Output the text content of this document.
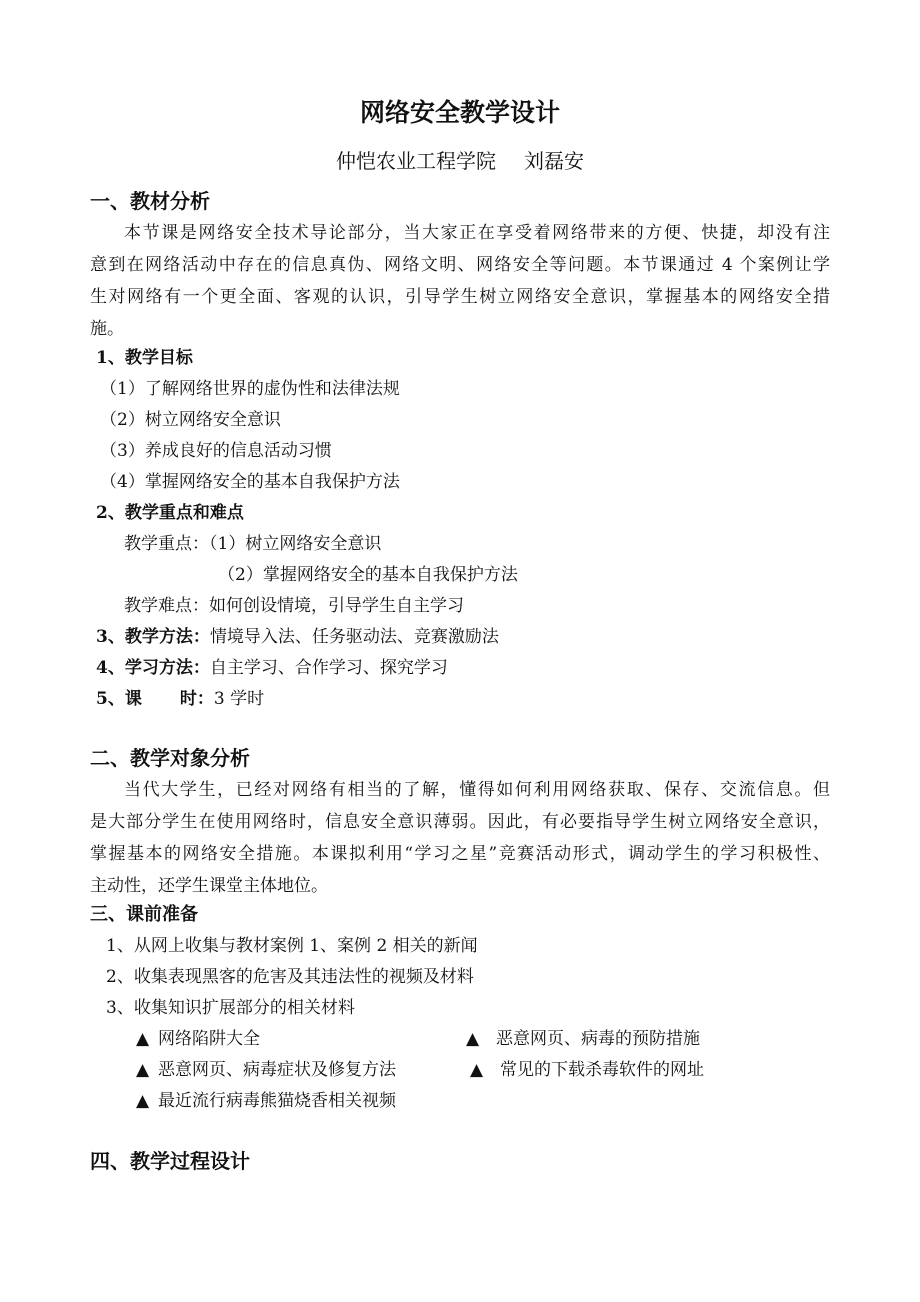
网络安全教学设计
仲恺农业工程学院 刘磊安
一、教材分析
本节课是网络安全技术导论部分，当大家正在享受着网络带来的方便、快捷，却没有注
意到在网络活动中存在的信息真伪、网络文明、网络安全等问题。本节课通过 4 个案例让学
生对网络有一个更全面、客观的认识，引导学生树立网络安全意识，掌握基本的网络安全措
施。
1、教学目标
（1）了解网络世界的虚伪性和法律法规
（2）树立网络安全意识
（3）养成良好的信息活动习惯
（4）掌握网络安全的基本自我保护方法
2、教学重点和难点
教学重点：（1）树立网络安全意识
（2）掌握网络安全的基本自我保护方法
教学难点：如何创设情境，引导学生自主学习
3、教学方法：情境导入法、任务驱动法、竞赛激励法
4、学习方法：自主学习、合作学习、探究学习
5、课 时：3 学时
二、教学对象分析
当代大学生，已经对网络有相当的了解，懂得如何利用网络获取、保存、交流信息。但
是大部分学生在使用网络时，信息安全意识薄弱。因此，有必要指导学生树立网络安全意识，
掌握基本的网络安全措施。本课拟利用“学习之星”竞赛活动形式，调动学生的学习积极性、
主动性，还学生课堂主体地位。
三、课前准备
1、从网上收集与教材案例 1、案例 2 相关的新闻
2、收集表现黑客的危害及其违法性的视频及材料
3、收集知识扩展部分的相关材料
▲ 网络陷阱大全	▲ 恶意网页、病毒的预防措施
▲ 恶意网页、病毒症状及修复方法	▲ 常见的下载杀毒软件的网址
▲ 最近流行病毒熊猫烧香相关视频
四、教学过程设计
